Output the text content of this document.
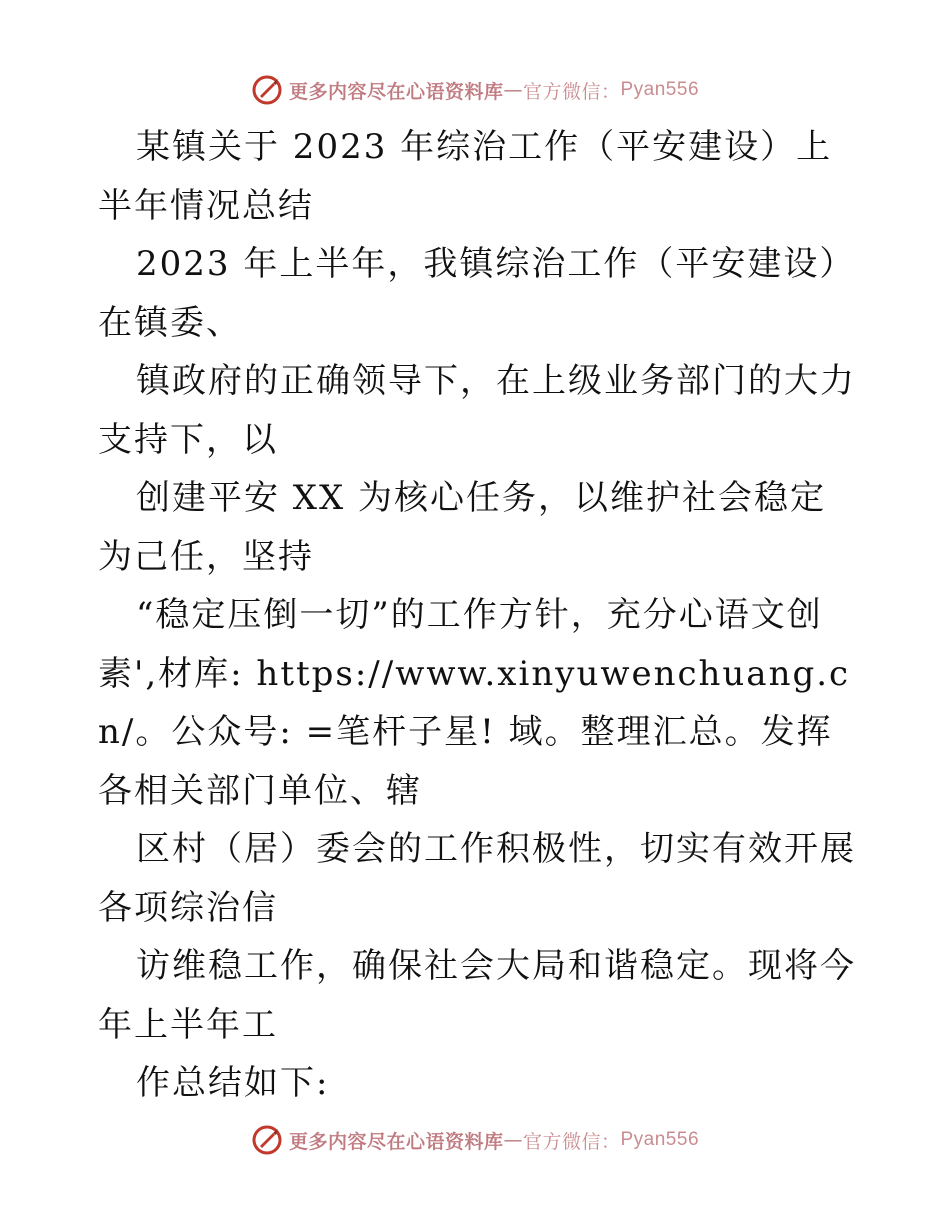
更多内容尽在心语资料库 — 官方微信： Pyan556

某镇关于 2023 年综治工作（平安建设）上半年情况总结

2023 年上半年，我镇综治工作（平安建设）在镇委、

镇政府的正确领导下，在上级业务部门的大力支持下，以

创建平安 XX 为核心任务，以维护社会稳定为己任，坚持

“稳定压倒一切”的工作方针，充分心语文创素',材库: https://www.xinyuwenchuang.cn/。公众号: =笔杆子星! 域。整理汇总。发挥各相关部门单位、辖

区村（居）委会的工作积极性，切实有效开展各项综治信

访维稳工作，确保社会大局和谐稳定。现将今年上半年工

作总结如下:

更多内容尽在心语资料库 — 官方微信： Pyan556
